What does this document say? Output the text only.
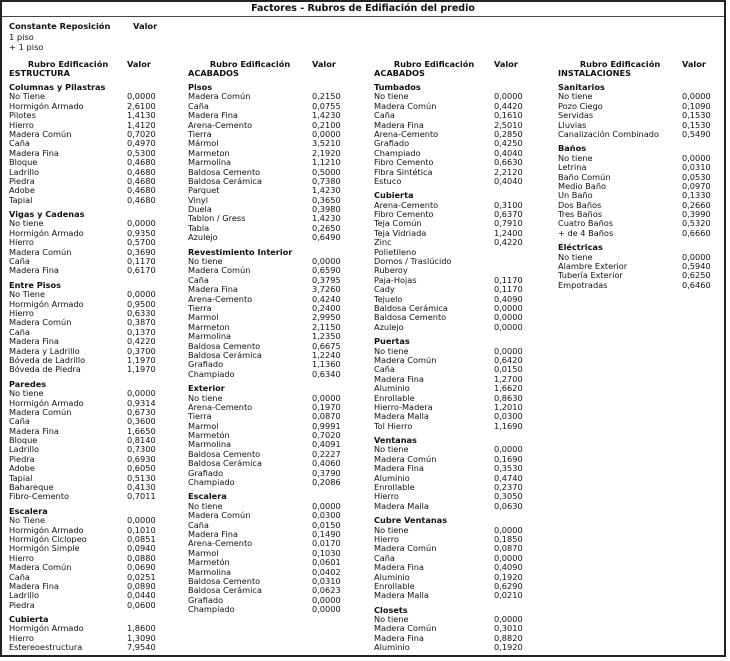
Factores - Rubros de Edifiación del predio
Constante Reposición	Valor
1 piso
+ 1 piso
Rubro Edificación	Valor
ESTRUCTURA
Columnas y Pilastras
No Tiene	0,0000
Hormigón Armado	2,6100
Pilotes	1,4130
Hierro	1,4120
Madera Común	0,7020
Caña	0,4970
Madera Fina	0,5300
Bloque	0,4680
Ladrillo	0,4680
Piedra	0,4680
Adobe	0,4680
Tapial	0,4680
Vigas y Cadenas
No tiene	0,0000
Hormigón Armado	0,9350
Hierro	0,5700
Madera Común	0,3690
Caña	0,1170
Madera Fina	0,6170
Entre Pisos
No Tiene	0,0000
Hormigón Armado	0,9500
Hierro	0,6330
Madera Común	0,3870
Caña	0,1370
Madera Fina	0,4220
Madera y Ladrillo	0,3700
Bóveda de Ladrillo	1,1970
Bóveda de Piedra	1,1970
Paredes
No tiene	0,0000
Hormigón Armado	0,9314
Madera Común	0,6730
Caña	0,3600
Madera Fina	1,6650
Bloque	0,8140
Ladrillo	0,7300
Piedra	0,6930
Adobe	0,6050
Tapial	0,5130
Bahareque	0,4130
Fibro-Cemento	0,7011
Escalera
No Tiene	0,0000
Hormigón Armado	0,1010
Hormigón Ciclopeo	0,0851
Hormigón Simple	0,0940
Hierro	0,0880
Madera Común	0,0690
Caña	0,0251
Madera Fina	0,0890
Ladrillo	0,0440
Piedra	0,0600
Cubierta
Hormigón Armado	1,8600
Hierro	1,3090
Estereoestructura	7,9540
Rubro Edificación	Valor
ACABADOS
Pisos
Madera Común	0,2150
Caña	0,0755
Madera Fina	1,4230
Arena-Cemento	0,2100
Tierra	0,0000
Mármol	3,5210
Marmeton	2,1920
Marmolina	1,1210
Baldosa Cemento	0,5000
Baldosa Cerámica	0,7380
Parquet	1,4230
Vinyl	0,3650
Duela	0,3980
Tablon / Gress	1,4230
Tabla	0,2650
Azulejo	0,6490
Revestimiento Interior
No tiene	0,0000
Madera Común	0,6590
Caña	0,3795
Madera Fina	3,7260
Arena-Cemento	0,4240
Tierra	0,2400
Marmol	2,9950
Marmeton	2,1150
Marmolina	1,2350
Baldosa Cemento	0,6675
Baldosa Cerámica	1,2240
Grafiado	1,1360
Champiado	0,6340
Exterior
No tiene	0,0000
Arena-Cemento	0,1970
Tierra	0,0870
Marmol	0,9991
Marmetón	0,7020
Marmolina	0,4091
Baldosa Cemento	0,2227
Baldosa Cerámica	0,4060
Grafiado	0,3790
Champiado	0,2086
Escalera
No tiene	0,0000
Madera Común	0,0300
Caña	0,0150
Madera Fina	0,1490
Arena-Cemento	0,0170
Marmol	0,1030
Marmetón	0,0601
Marmolina	0,0402
Baldosa Cemento	0,0310
Baldosa Cerámica	0,0623
Grafiado	0,0000
Champiado	0,0000
Rubro Edificación	Valor
ACABADOS
Tumbados
No tiene	0,0000
Madera Común	0,4420
Caña	0,1610
Madera Fina	2,5010
Arena-Cemento	0,2850
Grafiado	0,4250
Champiado	0,4040
Fibro Cemento	0,6630
Fibra Sintética	2,2120
Estuco	0,4040
Cubierta
Arena-Cemento	0,3100
Fibro Cemento	0,6370
Teja Común	0,7910
Teja Vidriada	1,2400
Zinc	0,4220
Polietileno
Domos / Traslúcido
Ruberoy
Paja-Hojas	0,1170
Cady	0,1170
Tejuelo	0,4090
Baldosa Cerámica	0,0000
Baldosa Cemento	0,0000
Azulejo	0,0000
Puertas
No tiene	0,0000
Madera Común	0,6420
Caña	0,0150
Madera Fina	1,2700
Aluminio	1,6620
Enrollable	0,8630
Hierro-Madera	1,2010
Madera Malla	0,0300
Tol Hierro	1,1690
Ventanas
No tiene	0,0000
Madera Común	0,1690
Madera Fina	0,3530
Aluminio	0,4740
Enrollable	0,2370
Hierro	0,3050
Madera Malla	0,0630
Cubre Ventanas
No tiene	0,0000
Hierro	0,1850
Madera Común	0,0870
Caña	0,0000
Madera Fina	0,4090
Aluminio	0,1920
Enrollable	0,6290
Madera Malla	0,0210
Closets
No tiene	0,0000
Madera Común	0,3010
Madera Fina	0,8820
Aluminio	0,1920
Rubro Edificación	Valor
INSTALACIONES
Sanitarios
No tiene	0,0000
Pozo Ciego	0,1090
Servidas	0,1530
Lluvias	0,1530
Canalización Combinado	0,5490
Baños
No tiene	0,0000
Letrina	0,0310
Baño Común	0,0530
Medio Baño	0,0970
Un Baño	0,1330
Dos Baños	0,2660
Tres Baños	0,3990
Cuatro Baños	0,5320
+ de 4 Baños	0,6660
Eléctricas
No tiene	0,0000
Alambre Exterior	0,5940
Tubería Exterior	0,6250
Empotradas	0,6460
